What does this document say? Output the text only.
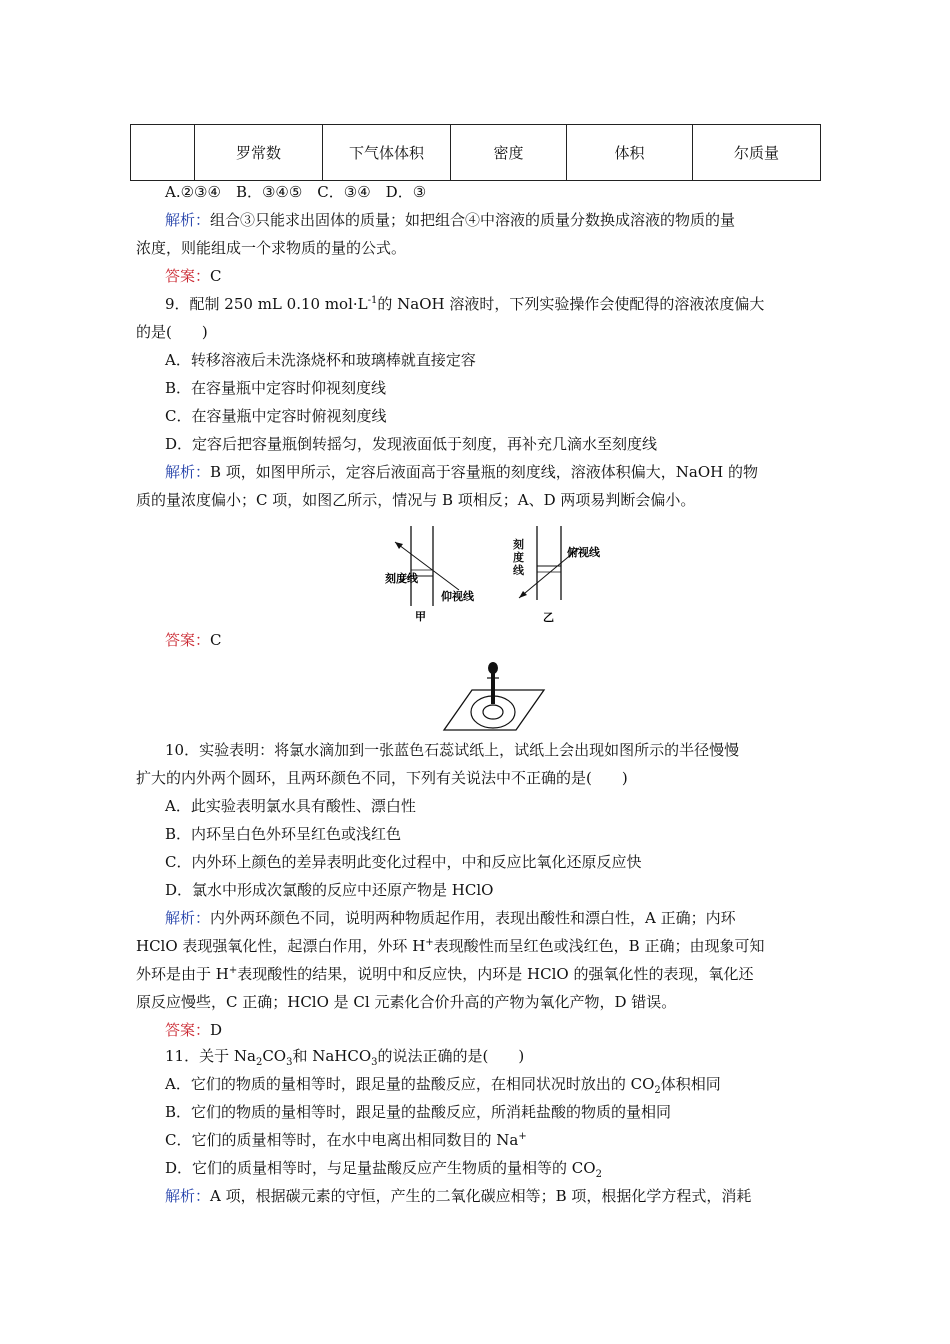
	罗常数	下气体体积	密度	体积	尔质量
A.②③④　B．③④⑤　C．③④　D．③
解析：组合③只能求出固体的质量；如把组合④中溶液的质量分数换成溶液的物质的量
浓度，则能组成一个求物质的量的公式。
答案：C
9．配制 250 mL 0.10 $mol\cdot L^{-1}$的 NaOH 溶液时，下列实验操作会使配得的溶液浓度偏大
的是(　　)
A．转移溶液后未洗涤烧杯和玻璃棒就直接定容
B．在容量瓶中定容时仰视刻度线
C．在容量瓶中定容时俯视刻度线
D．定容后把容量瓶倒转摇匀，发现液面低于刻度，再补充几滴水至刻度线
解析：B 项，如图甲所示，定容后液面高于容量瓶的刻度线，溶液体积偏大，NaOH 的物
质的量浓度偏小；C 项，如图乙所示，情况与 B 项相反；A、D 两项易判断会偏小。
刻度线
仰视线
甲
俯视线
乙
刻度线
答案：C
10．实验表明：将氯水滴加到一张蓝色石蕊试纸上，试纸上会出现如图所示的半径慢慢
扩大的内外两个圆环，且两环颜色不同，下列有关说法中不正确的是(　　)
A．此实验表明氯水具有酸性、漂白性
B．内环呈白色外环呈红色或浅红色
C．内外环上颜色的差异表明此变化过程中，中和反应比氧化还原反应快
D．氯水中形成次氯酸的反应中还原产物是 HClO
解析：内外两环颜色不同，说明两种物质起作用，表现出酸性和漂白性，A 正确；内环
HClO 表现强氧化性，起漂白作用，外环 H+表现酸性而呈红色或浅红色，B 正确；由现象可知
外环是由于 H+表现酸性的结果，说明中和反应快，内环是 HClO 的强氧化性的表现，氧化还
原反应慢些，C 正确；HClO 是 Cl 元素化合价升高的产物为氧化产物，D 错误。
答案：D
11．关于 $Na_2CO_3$和 NaHCO$_3$的说法正确的是(　　)
A．它们的物质的量相等时，跟足量的盐酸反应，在相同状况时放出的 $CO_2$体积相同
B．它们的物质的量相等时，跟足量的盐酸反应，所消耗盐酸的物质的量相同
C．它们的质量相等时，在水中电离出相同数目的 Na+
D．它们的质量相等时，与足量盐酸反应产生物质的量相等的 $CO_2$
解析：A 项，根据碳元素的守恒，产生的二氧化碳应相等；B 项，根据化学方程式，消耗
